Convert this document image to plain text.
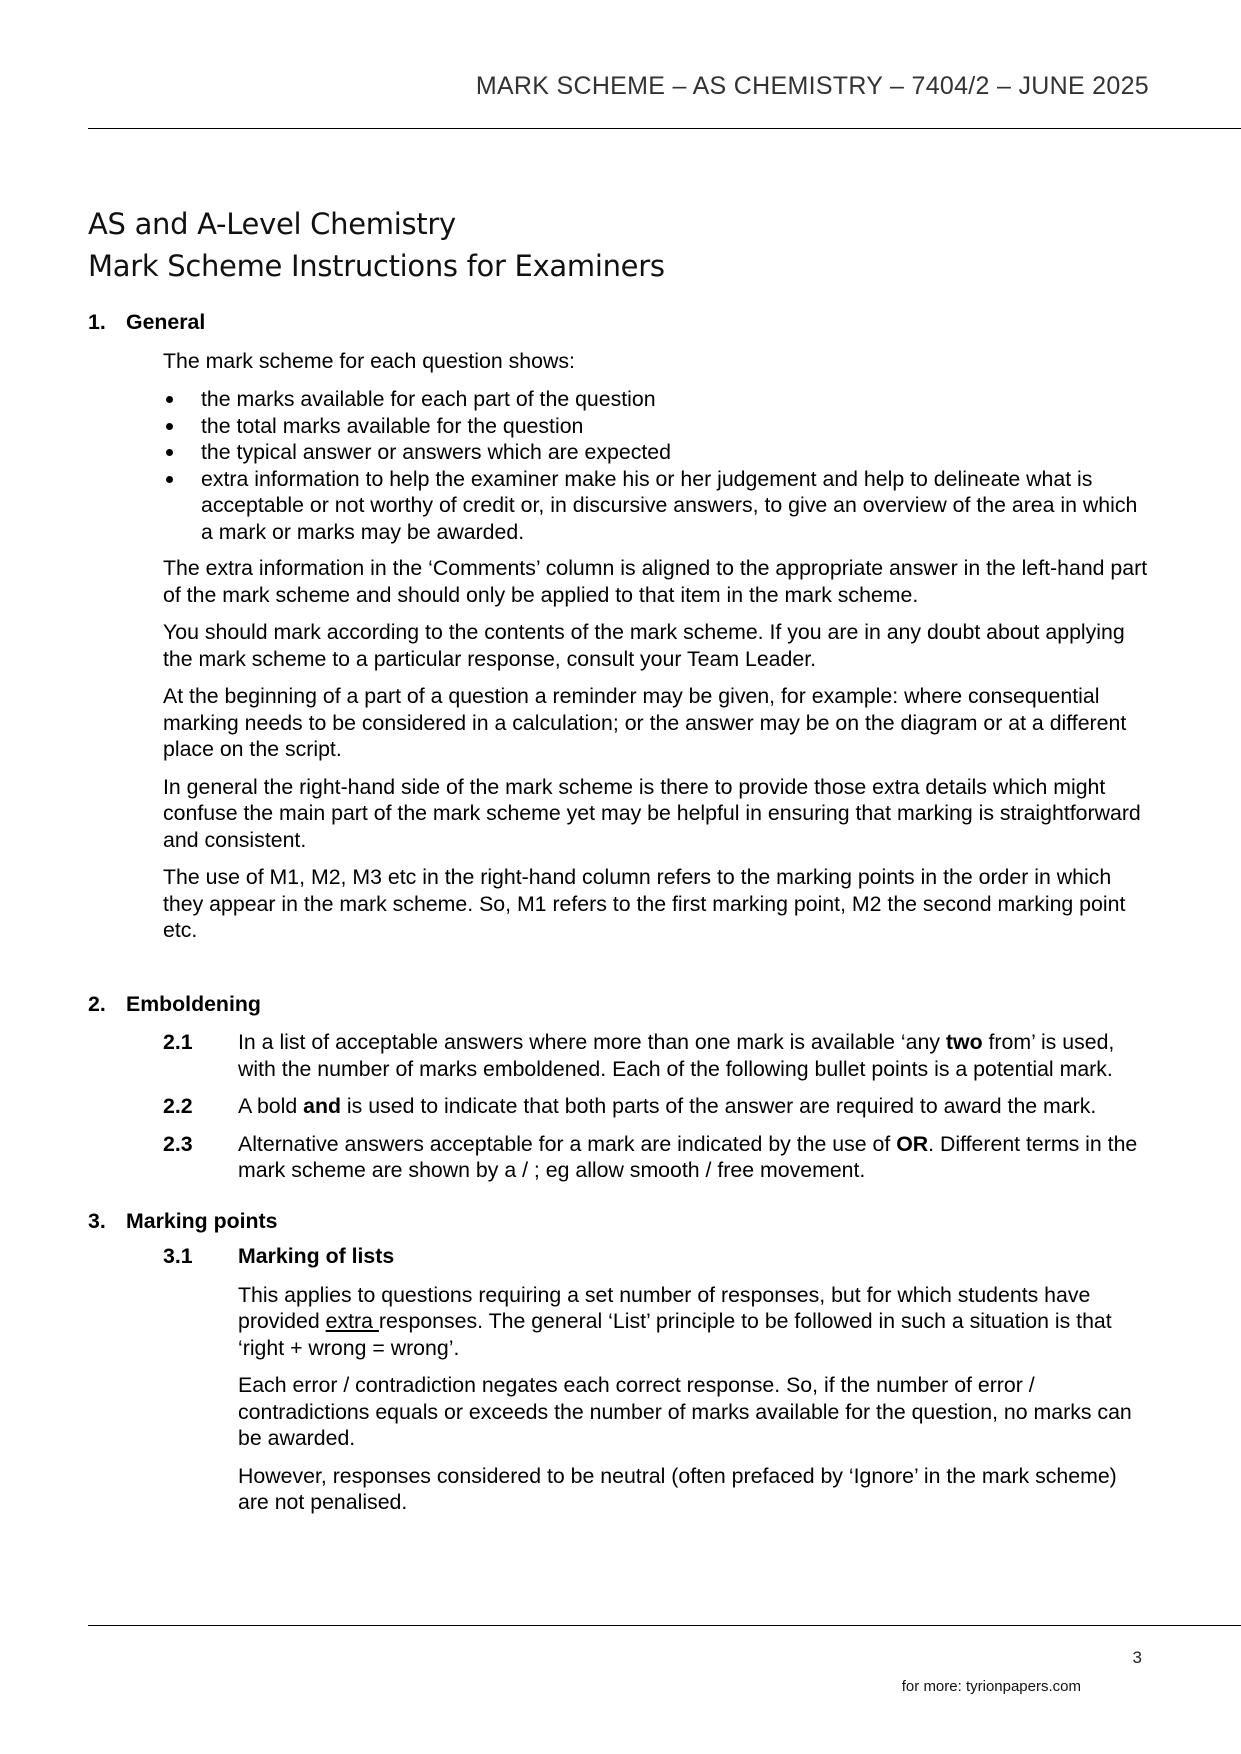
MARK SCHEME – AS CHEMISTRY – 7404/2 – JUNE 2025
AS and A-Level Chemistry
Mark Scheme Instructions for Examiners
1. General
The mark scheme for each question shows:
the marks available for each part of the question
the total marks available for the question
the typical answer or answers which are expected
extra information to help the examiner make his or her judgement and help to delineate what is acceptable or not worthy of credit or, in discursive answers, to give an overview of the area in which a mark or marks may be awarded.
The extra information in the ‘Comments’ column is aligned to the appropriate answer in the left-hand part of the mark scheme and should only be applied to that item in the mark scheme.
You should mark according to the contents of the mark scheme. If you are in any doubt about applying the mark scheme to a particular response, consult your Team Leader.
At the beginning of a part of a question a reminder may be given, for example: where consequential marking needs to be considered in a calculation; or the answer may be on the diagram or at a different place on the script.
In general the right-hand side of the mark scheme is there to provide those extra details which might confuse the main part of the mark scheme yet may be helpful in ensuring that marking is straightforward and consistent.
The use of M1, M2, M3 etc in the right-hand column refers to the marking points in the order in which they appear in the mark scheme. So, M1 refers to the first marking point, M2 the second marking point etc.
2. Emboldening
2.1	In a list of acceptable answers where more than one mark is available ‘any two from’ is used, with the number of marks emboldened. Each of the following bullet points is a potential mark.
2.2	A bold and is used to indicate that both parts of the answer are required to award the mark.
2.3	Alternative answers acceptable for a mark are indicated by the use of OR. Different terms in the mark scheme are shown by a / ; eg allow smooth / free movement.
3. Marking points
3.1	Marking of lists
This applies to questions requiring a set number of responses, but for which students have provided extra responses. The general ‘List’ principle to be followed in such a situation is that ‘right + wrong = wrong’.
Each error / contradiction negates each correct response. So, if the number of error / contradictions equals or exceeds the number of marks available for the question, no marks can be awarded.
However, responses considered to be neutral (often prefaced by ‘Ignore’ in the mark scheme) are not penalised.
3
for more: tyrionpapers.com
